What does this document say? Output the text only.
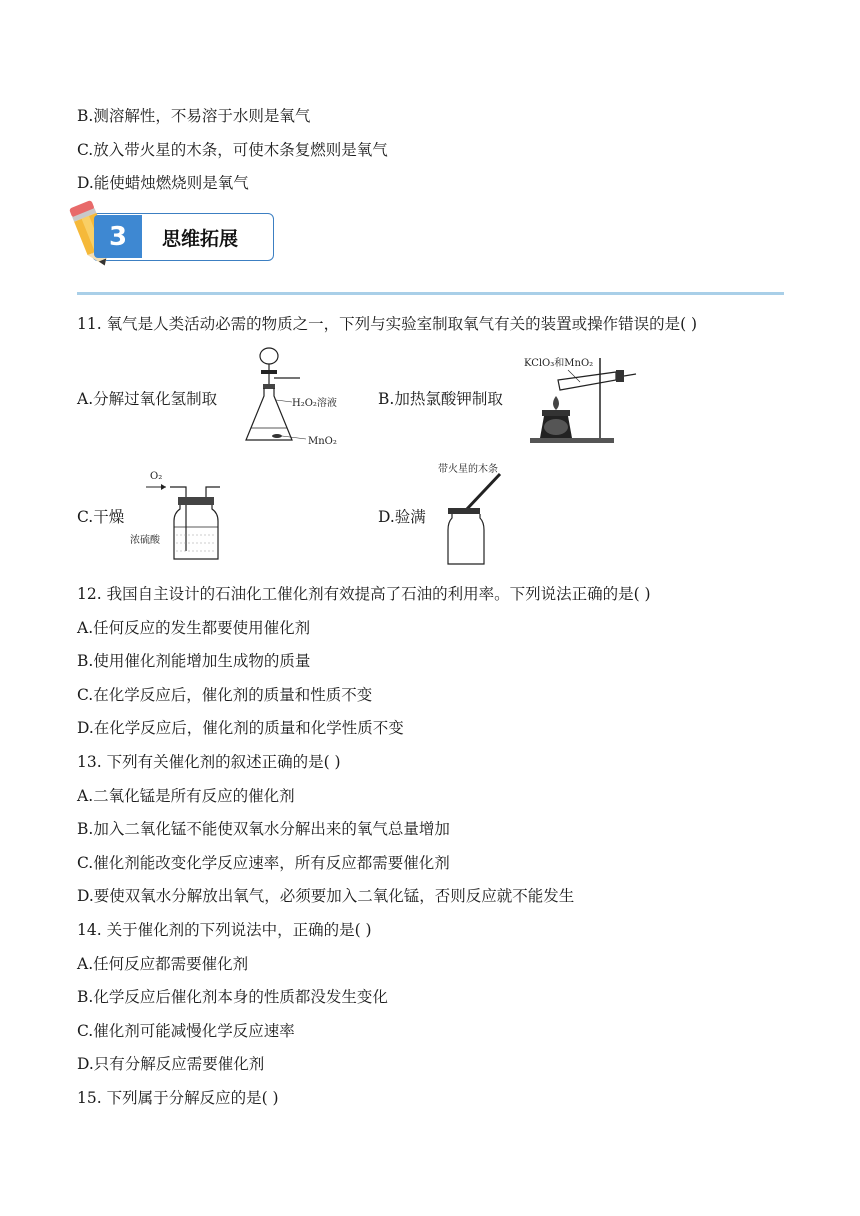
B.测溶解性，不易溶于水则是氧气
C.放入带火星的木条，可使木条复燃则是氧气
D.能使蜡烛燃烧则是氧气
3	思维拓展
11. 氧气是人类活动必需的物质之一，下列与实验室制取氧气有关的装置或操作错误的是( )
A.分解过氧化氢制取	H₂O₂溶液
MnO₂
B.加热氯酸钾制取
KClO₃和MnO₂
C.干燥
O₂
浓硫酸
D.验满
带火星的木条
12. 我国自主设计的石油化工催化剂有效提高了石油的利用率。下列说法正确的是( )
A.任何反应的发生都要使用催化剂
B.使用催化剂能增加生成物的质量
C.在化学反应后，催化剂的质量和性质不变
D.在化学反应后，催化剂的质量和化学性质不变
13. 下列有关催化剂的叙述正确的是( )
A.二氧化锰是所有反应的催化剂
B.加入二氧化锰不能使双氧水分解出来的氧气总量增加
C.催化剂能改变化学反应速率，所有反应都需要催化剂
D.要使双氧水分解放出氧气，必须要加入二氧化锰，否则反应就不能发生
14. 关于催化剂的下列说法中，正确的是( )
A.任何反应都需要催化剂
B.化学反应后催化剂本身的性质都没发生变化
C.催化剂可能减慢化学反应速率
D.只有分解反应需要催化剂
15. 下列属于分解反应的是( )
